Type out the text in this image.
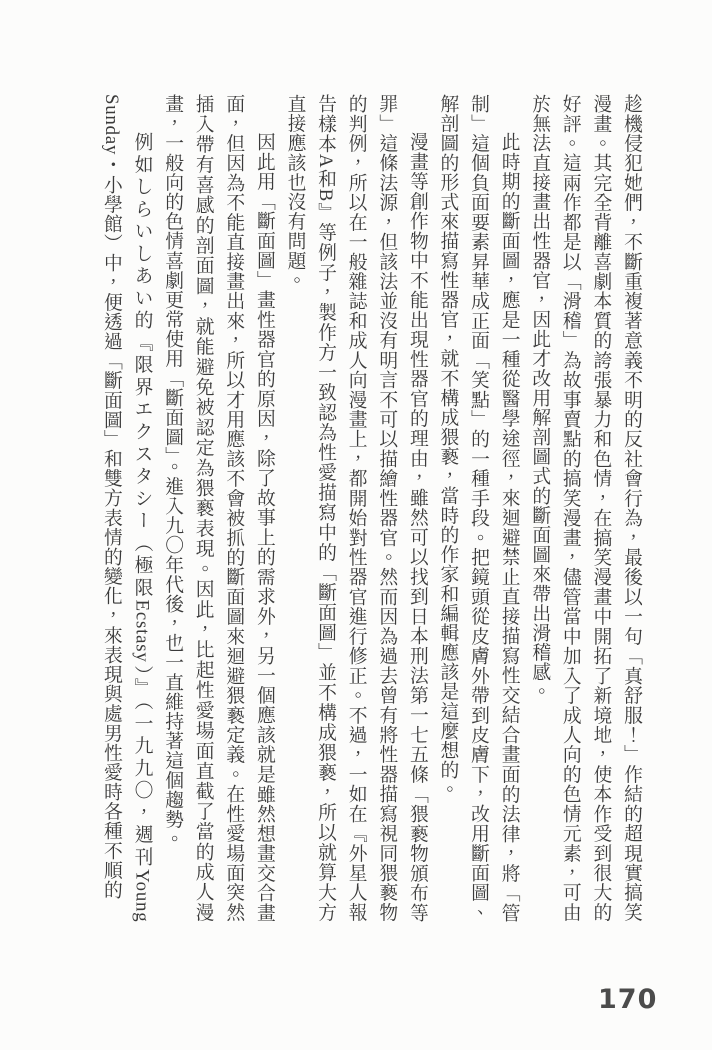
趁機侵犯她們，不斷重複著意義不明的反社會行為，最後以一句「真舒服！」作結的超現實搞笑漫畫。其完全背離喜劇本質的誇張暴力和色情，在搞笑漫畫中開拓了新境地，使本作受到很大的好評。這兩作都是以「滑稽」為故事賣點的搞笑漫畫，儘管當中加入了成人向的色情元素，可由於無法直接畫出性器官，因此才改用解剖圖式的斷面圖來帶出滑稽感。

此時期的斷面圖，應是一種從醫學途徑，來迴避禁止直接描寫性交結合畫面的法律，將「管制」這個負面要素昇華成正面「笑點」的一種手段。把鏡頭從皮膚外帶到皮膚下，改用斷面圖、解剖圖的形式來描寫性器官，就不構成猥褻，當時的作家和編輯應該是這麼想的。

漫畫等創作物中不能出現性器官的理由，雖然可以找到日本刑法第一七五條「猥褻物頒布等罪」這條法源，但該法並沒有明言不可以描繪性器官。然而因為過去曾有將性器描寫視同猥褻物的判例，所以在一般雜誌和成人向漫畫上，都開始對性器官進行修正。不過，一如在『外星人報告樣本A和B』等例子，製作方一致認為性愛描寫中的「斷面圖」並不構成猥褻，所以就算大方直接應該也沒有問題。

因此用「斷面圖」畫性器官的原因，除了故事上的需求外，另一個應該就是雖然想畫交合畫面，但因為不能直接畫出來，所以才用應該不會被抓的斷面圖來迴避猥褻定義。在性愛場面突然插入帶有喜感的剖面圖，就能避免被認定為猥褻表現。因此，比起性愛場面直截了當的成人漫畫，一般向的色情喜劇更常使用「斷面圖」。進入九〇年代後，也一直維持著這個趨勢。

例如しらいしあい的『限界エクスタシー（極限Ecstasy）』（一九九〇，週刊Young Sunday・小學館）中，便透過「斷面圖」和雙方表情的變化，來表現與處男性愛時各種不順的

170
